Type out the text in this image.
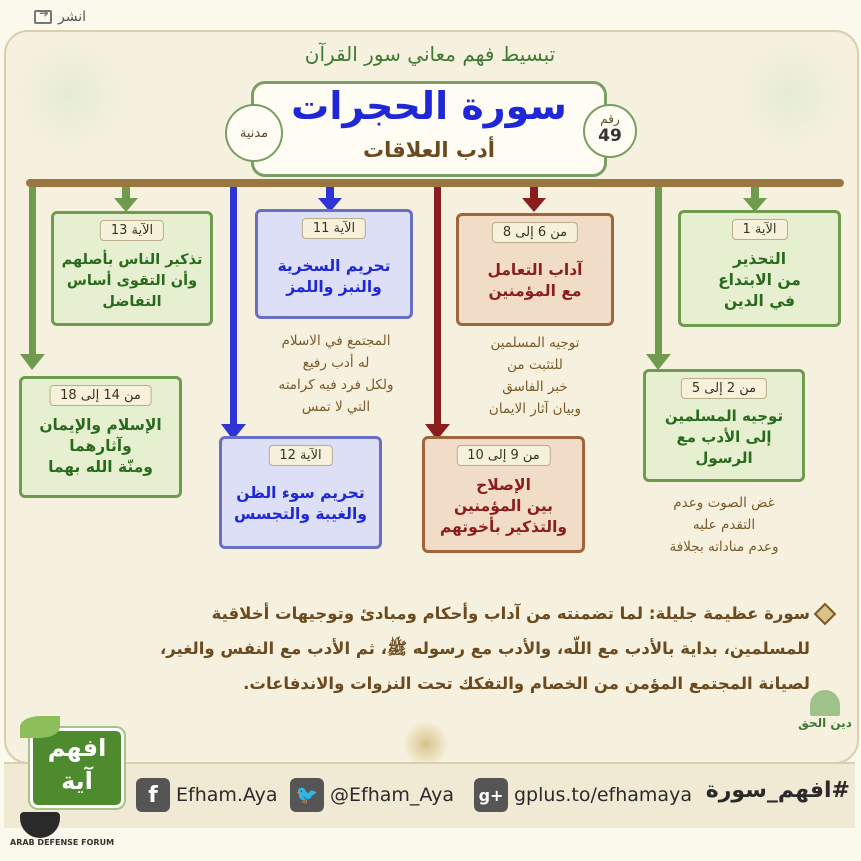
انشر
➜
تبسيط فهم معاني سور القرآن
سورة الحجرات
أدب العلاقات
مدنية
رقم
49
الآية 1
التحذير
من الابتداع
في الدين
من 6 إلى 8
آداب التعامل
مع المؤمنين
الآية 11
تحريم السخرية
والنبز واللمز
الآية 13
تذكير الناس بأصلهم
وأن التقوى أساس
التفاضل
توجيه المسلمين
للتثبت من
خبر الفاسق
وبيان آثار الايمان
المجتمع في الاسلام
له أدب رفيع
ولكل فرد فيه كرامته
التي لا تمس
غض الصوت وعدم
التقدم عليه
وعدم مناداته بجلافة
من 2 إلى 5
توجيه المسلمين
إلى الأدب مع الرسول
من 9 إلى 10
الإصلاح
بين المؤمنين
والتذكير بأخوتهم
الآية 12
تحريم سوء الظن
والغيبة والتجسس
من 14 إلى 18
الإسلام والإيمان
وآثارهما
ومنّة الله بهما
سورة عظيمة جليلة: لما تضمنته من آداب وأحكام ومبادئ وتوجيهات أخلاقية للمسلمين، بداية بالأدب مع اللّه، والأدب مع رسوله ﷺ، ثم الأدب مع النفس والغير، لصيانة المجتمع المؤمن من الخصام والتفكك تحت النزوات والاندفاعات.
دين الحق
#افهم_سورة
g+ gplus.to/efhamaya
🐦 @Efham_Aya
f Efham.Aya
افهم
آية
ARAB DEFENSE FORUM
